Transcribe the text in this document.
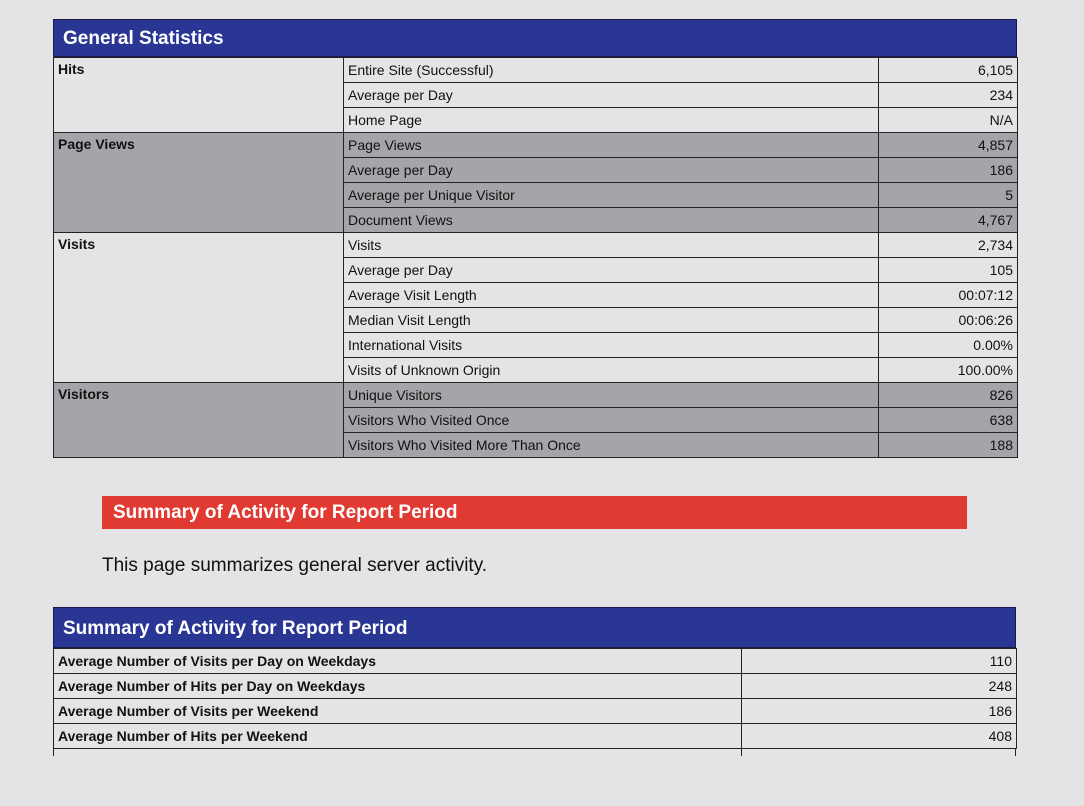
General Statistics
Hits	Entire Site (Successful)	6,105
	Average per Day	234
	Home Page	N/A
Page Views	Page Views	4,857
	Average per Day	186
	Average per Unique Visitor	5
	Document Views	4,767
Visits	Visits	2,734
	Average per Day	105
	Average Visit Length	00:07:12
	Median Visit Length	00:06:26
	International Visits	0.00%
	Visits of Unknown Origin	100.00%
Visitors	Unique Visitors	826
	Visitors Who Visited Once	638
	Visitors Who Visited More Than Once	188
Summary of Activity for Report Period
This page summarizes general server activity.
Summary of Activity for Report Period
Average Number of Visits per Day on Weekdays	110
Average Number of Hits per Day on Weekdays	248
Average Number of Visits per Weekend	186
Average Number of Hits per Weekend	408
